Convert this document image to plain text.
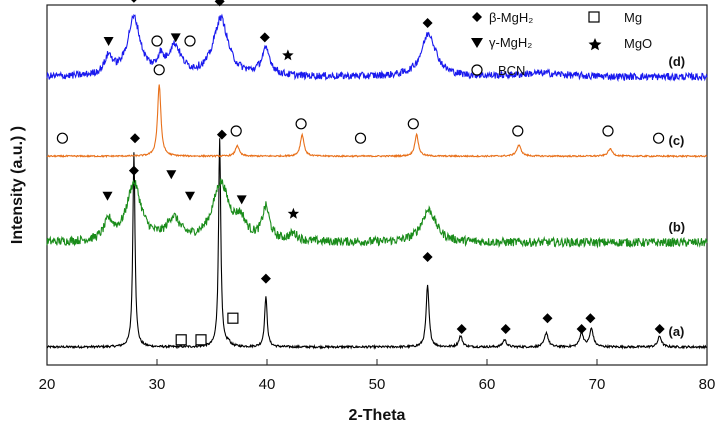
20	30	40	50	60	70	80
(a)
(b)
(c)
(d)
2-Theta
Intensity (a.u.) )
β-MgH₂	Mg
γ-MgH₂	MgO
BCN
